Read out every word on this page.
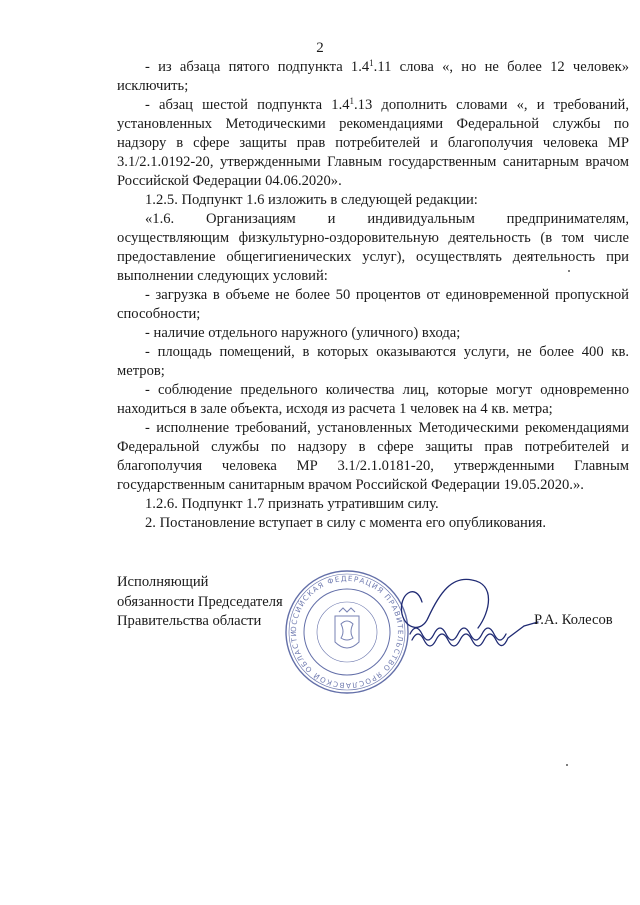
2

- из абзаца пятого подпункта $1.4^1.11$ слова «, но не более 12 человек» исключить;

- абзац шестой подпункта $1.4^1.13$ дополнить словами «, и требований, установленных Методическими рекомендациями Федеральной службы по надзору в сфере защиты прав потребителей и благополучия человека МР 3.1/2.1.0192-20, утвержденными Главным государственным санитарным врачом Российской Федерации 04.06.2020».

1.2.5. Подпункт 1.6 изложить в следующей редакции:

«1.6. Организациям и индивидуальным предпринимателям, осуществляющим физкультурно-оздоровительную деятельность (в том числе предоставление общегигиенических услуг), осуществлять деятельность при выполнении следующих условий:

- загрузка в объеме не более 50 процентов от единовременной пропускной способности;

- наличие отдельного наружного (уличного) входа;

- площадь помещений, в которых оказываются услуги, не более 400 кв. метров;

- соблюдение предельного количества лиц, которые могут одновременно находиться в зале объекта, исходя из расчета 1 человек на 4 кв. метра;

- исполнение требований, установленных Методическими рекомендациями Федеральной службы по надзору в сфере защиты прав потребителей и благополучия человека МР 3.1/2.1.0181-20, утвержденными Главным государственным санитарным врачом Российской Федерации 19.05.2020.».

1.2.6. Подпункт 1.7 признать утратившим силу.

2. Постановление вступает в силу с момента его опубликования.

Исполняющий
обязанности Председателя
Правительства области	ОССИЙСКАЯ ФЕДЕРАЦИЯ ПРАВИТЕЛЬСТВО ЯРОСЛАВСКОЙ ОБЛАСТИ
Р.А. Колесов
